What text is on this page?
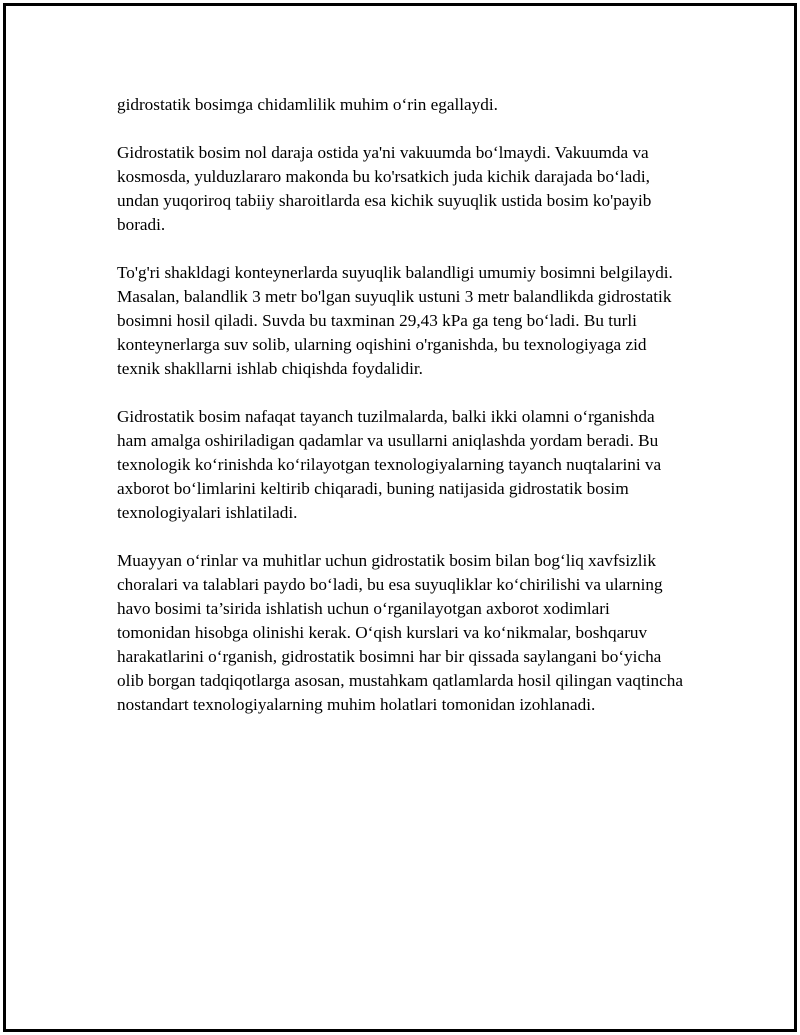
gidrostatik bosimga chidamlilik muhim o‘rin egallaydi.

Gidrostatik bosim nol daraja ostida ya'ni vakuumda bo‘lmaydi. Vakuumda va kosmosda, yulduzlararo makonda bu ko'rsatkich juda kichik darajada bo‘ladi, undan yuqoriroq tabiiy sharoitlarda esa kichik suyuqlik ustida bosim ko'payib boradi.

To'g'ri shakldagi konteynerlarda suyuqlik balandligi umumiy bosimni belgilaydi. Masalan, balandlik 3 metr bo'lgan suyuqlik ustuni 3 metr balandlikda gidrostatik bosimni hosil qiladi. Suvda bu taxminan 29,43 kPa ga teng bo‘ladi. Bu turli konteynerlarga suv solib, ularning oqishini o'rganishda, bu texnologiyaga zid texnik shakllarni ishlab chiqishda foydalidir.

Gidrostatik bosim nafaqat tayanch tuzilmalarda, balki ikki olamni o‘rganishda ham amalga oshiriladigan qadamlar va usullarni aniqlashda yordam beradi. Bu texnologik ko‘rinishda ko‘rilayotgan texnologiyalarning tayanch nuqtalarini va axborot bo‘limlarini keltirib chiqaradi, buning natijasida gidrostatik bosim texnologiyalari ishlatiladi.

Muayyan o‘rinlar va muhitlar uchun gidrostatik bosim bilan bog‘liq xavfsizlik choralari va talablari paydo bo‘ladi, bu esa suyuqliklar ko‘chirilishi va ularning havo bosimi ta’sirida ishlatish uchun o‘rganilayotgan axborot xodimlari tomonidan hisobga olinishi kerak. O‘qish kurslari va ko‘nikmalar, boshqaruv harakatlarini o‘rganish, gidrostatik bosimni har bir qissada saylangani bo‘yicha olib borgan tadqiqotlarga asosan, mustahkam qatlamlarda hosil qilingan vaqtincha nostandart texnologiyalarning muhim holatlari tomonidan izohlanadi.
